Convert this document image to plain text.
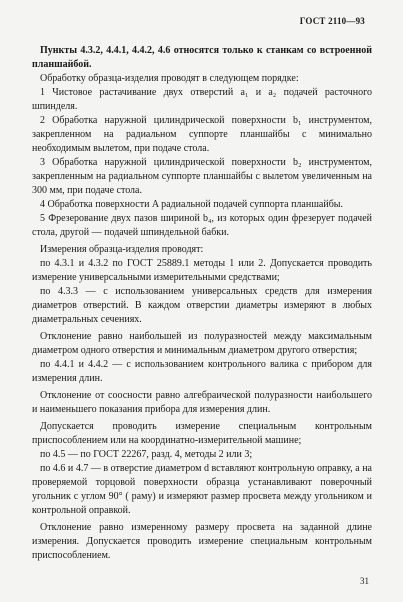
ГОСТ 2110—93

Пункты 4.3.2, 4.4.1, 4.4.2, 4.6 относятся только к станкам со встроенной планшайбой.

Обработку образца-изделия проводят в следующем порядке:

1 Чистовое растачивание двух отверстий a₁ и a₂ подачей расточного шпинделя.

2 Обработка наружной цилиндрической поверхности b₁ инструментом, закрепленном на радиальном суппорте планшайбы с минимально необходимым вылетом, при подаче стола.

3 Обработка наружной цилиндрической поверхности b₂ инструментом, закрепленным на радиальном суппорте планшайбы с вылетом увеличенным на 300 мм, при подаче стола.

4 Обработка поверхности A радиальной подачей суппорта планшайбы.

5 Фрезерование двух пазов шириной b₄, из которых один фрезерует подачей стола, другой — подачей шпиндельной бабки.

Измерения образца-изделия проводят:

по 4.3.1 и 4.3.2 по ГОСТ 25889.1 методы 1 или 2. Допускается проводить измерение универсальными измерительными средствами;

по 4.3.3 — с использованием универсальных средств для измерения диаметров отверстий. В каждом отверстии диаметры измеряют в любых диаметральных сечениях.

Отклонение равно наибольшей из полуразностей между максимальным диаметром одного отверстия и минимальным диаметром другого отверстия;

по 4.4.1 и 4.4.2 — с использованием контрольного валика с прибором для измерения длин.

Отклонение от соосности равно алгебраической полуразности наибольшего и наименьшего показания прибора для измерения длин.

Допускается проводить измерение специальным контрольным приспособлением или на координатно-измерительной машине;

по 4.5 — по ГОСТ 22267, разд. 4, методы 2 или 3;

по 4.6 и 4.7 — в отверстие диаметром d вставляют контрольную оправку, а на проверяемой торцовой поверхности образца устанавливают поверочный угольник с углом 90° ( раму) и измеряют размер просвета между угольником и контрольной оправкой.

Отклонение равно измеренному размеру просвета на заданной длине измерения. Допускается проводить измерение специальным контрольным приспособлением.

31
